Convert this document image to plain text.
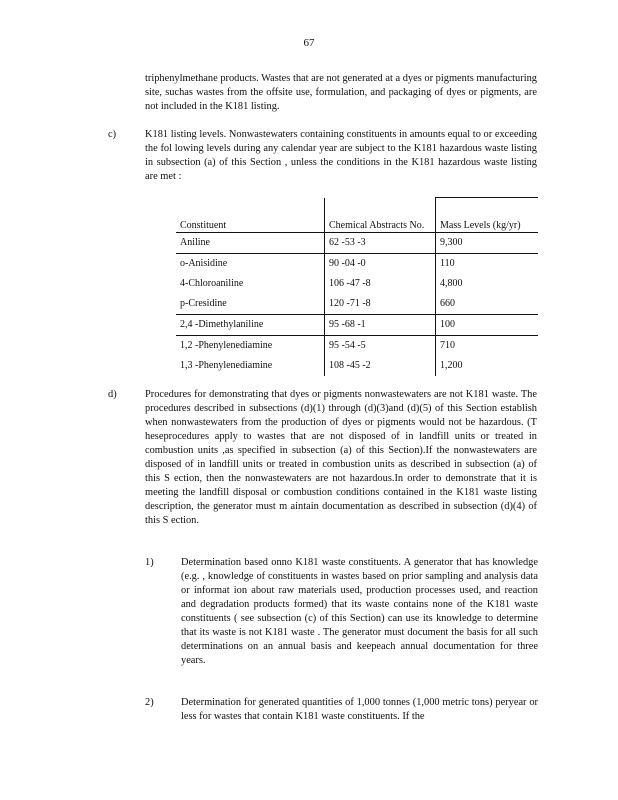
67
triphenylmethane products. Wastes that are not generated at a dyes or pigments manufacturing site, suchas wastes from the offsite use, formulation, and packaging of dyes or pigments, are not included in the K181 listing.
c)	K181 listing levels. Nonwastewaters containing constituents in amounts equal to or exceeding the fol lowing levels during any calendar year are subject to the K181 hazardous waste listing in subsection (a) of this Section , unless the conditions in the K181 hazardous waste listing are met :
Constituent	Chemical Abstracts No.	Mass Levels (kg/yr)
Aniline	62 -53 -3	9,300
o-Anisidine	90 -04 -0	110
4-Chloroaniline	106 -47 -8	4,800
p-Cresidine	120 -71 -8	660
2,4 -Dimethylaniline	95 -68 -1	100
1,2 -Phenylenediamine	95 -54 -5	710
1,3 -Phenylenediamine	108 -45 -2	1,200
d)	Procedures for demonstrating that dyes or pigments nonwastewaters are not K181 waste. The procedures described in subsections (d)(1) through (d)(3)and (d)(5) of this Section establish when nonwastewaters from the production of dyes or pigments would not be hazardous. (T heseprocedures apply to wastes that are not disposed of in landfill units or treated in combustion units ,as specified in subsection (a) of this Section).If the nonwastewaters are disposed of in landfill units or treated in combustion units as described in subsection (a) of this S ection, then the nonwastewaters are not hazardous.In order to demonstrate that it is meeting the landfill disposal or combustion conditions contained in the K181 waste listing description, the generator must m aintain documentation as described in subsection (d)(4) of this S ection.
1)	Determination based onno K181 waste constituents. A generator that has knowledge (e.g. , knowledge of constituents in wastes based on prior sampling and analysis data or informat ion about raw materials used, production processes used, and reaction and degradation products formed) that its waste contains none of the K181 waste constituents ( see subsection (c) of this Section) can use its knowledge to determine that its waste is not K181 waste . The generator must document the basis for all such determinations on an annual basis and keepeach annual documentation for three years.
2)	Determination for generated quantities of 1,000 tonnes (1,000 metric tons) peryear or less for wastes that contain K181 waste constituents. If the
